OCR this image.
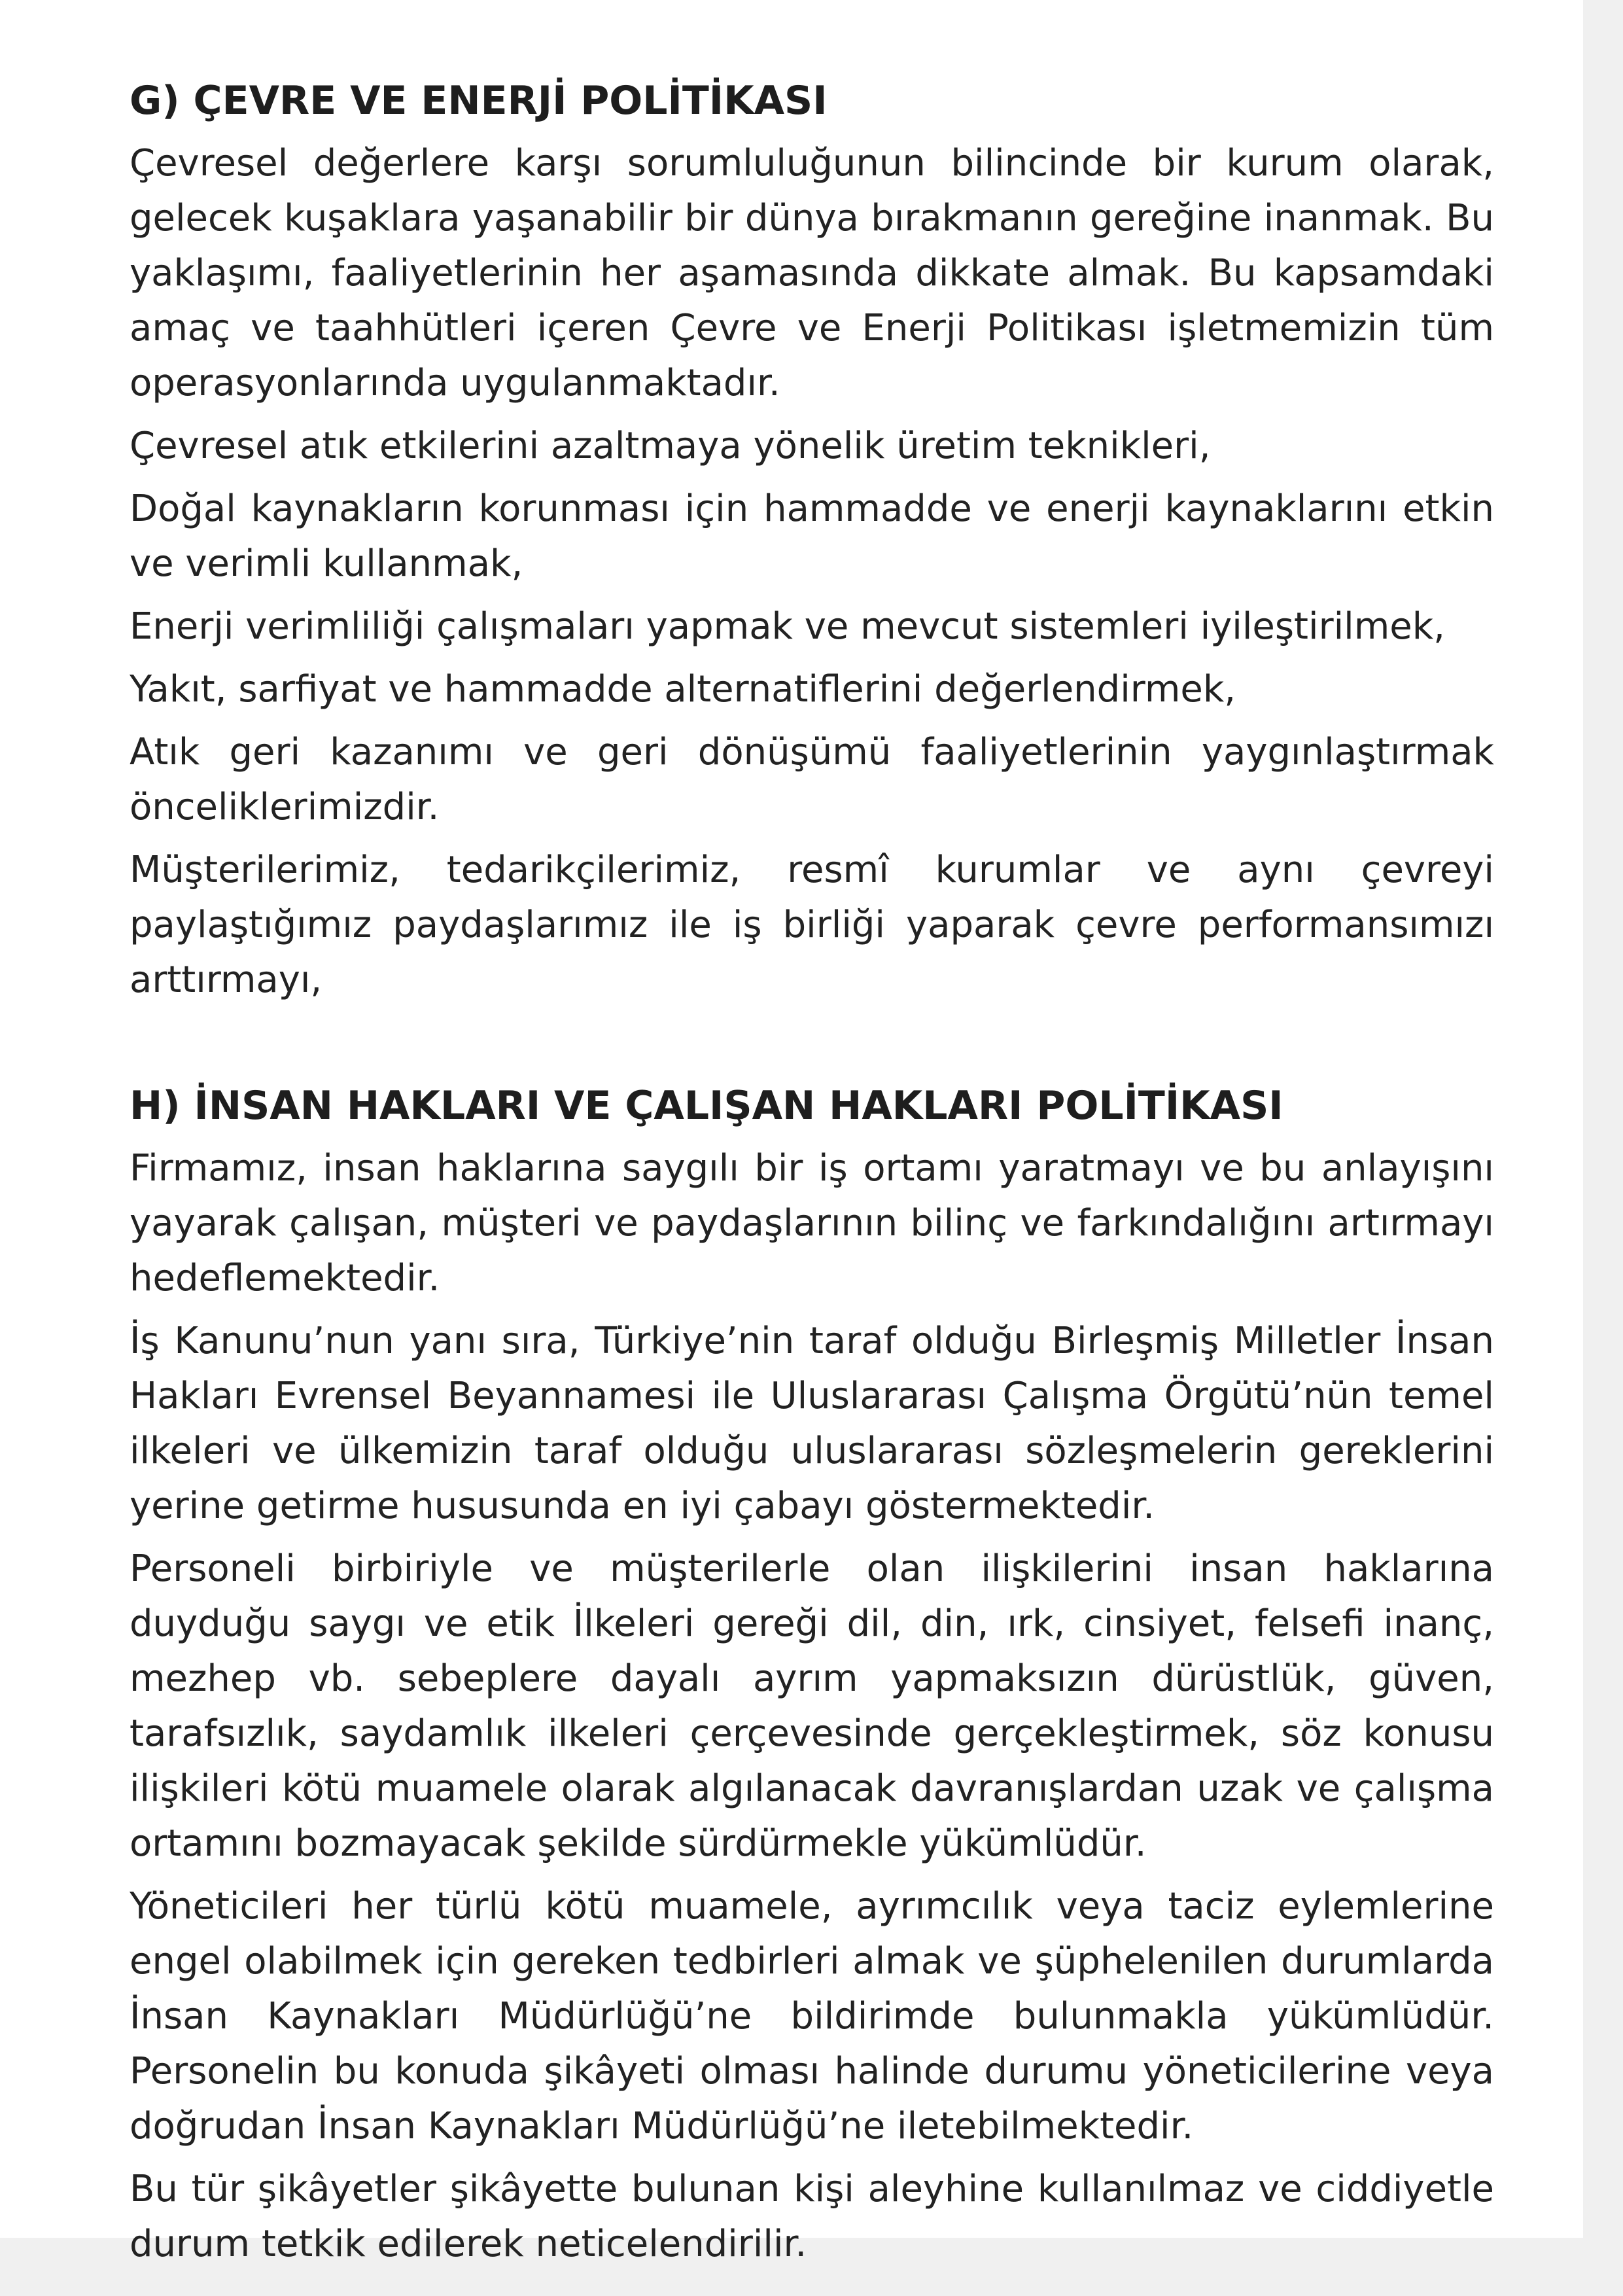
G) ÇEVRE VE ENERJİ POLİTİKASI

Çevresel değerlere karşı sorumluluğunun bilincinde bir kurum olarak, gelecek kuşaklara yaşanabilir bir dünya bırakmanın gereğine inanmak. Bu yaklaşımı, faaliyetlerinin her aşamasında dikkate almak. Bu kapsamdaki amaç ve taahhütleri içeren Çevre ve Enerji Politikası işletmemizin tüm operasyonlarında uygulanmaktadır.

Çevresel atık etkilerini azaltmaya yönelik üretim teknikleri,

Doğal kaynakların korunması için hammadde ve enerji kaynaklarını etkin ve verimli kullanmak,

Enerji verimliliği çalışmaları yapmak ve mevcut sistemleri iyileştirilmek,

Yakıt, sarfiyat ve hammadde alternatiflerini değerlendirmek,

Atık geri kazanımı ve geri dönüşümü faaliyetlerinin yaygınlaştırmak önceliklerimizdir.

Müşterilerimiz, tedarikçilerimiz, resmî kurumlar ve aynı çevreyi paylaştığımız paydaşlarımız ile iş birliği yaparak çevre performansımızı arttırmayı,

H) İNSAN HAKLARI VE ÇALIŞAN HAKLARI POLİTİKASI

Firmamız, insan haklarına saygılı bir iş ortamı yaratmayı ve bu anlayışını yayarak çalışan, müşteri ve paydaşlarının bilinç ve farkındalığını artırmayı hedeflemektedir.

İş Kanunu’nun yanı sıra, Türkiye’nin taraf olduğu Birleşmiş Milletler İnsan Hakları Evrensel Beyannamesi ile Uluslararası Çalışma Örgütü’nün temel ilkeleri ve ülkemizin taraf olduğu uluslararası sözleşmelerin gereklerini yerine getirme hususunda en iyi çabayı göstermektedir.

Personeli birbiriyle ve müşterilerle olan ilişkilerini insan haklarına duyduğu saygı ve etik İlkeleri gereği dil, din, ırk, cinsiyet, felsefi inanç, mezhep vb. sebeplere dayalı ayrım yapmaksızın dürüstlük, güven, tarafsızlık, saydamlık ilkeleri çerçevesinde gerçekleştirmek, söz konusu ilişkileri kötü muamele olarak algılanacak davranışlardan uzak ve çalışma ortamını bozmayacak şekilde sürdürmekle yükümlüdür.

Yöneticileri her türlü kötü muamele, ayrımcılık veya taciz eylemlerine engel olabilmek için gereken tedbirleri almak ve şüphelenilen durumlarda İnsan Kaynakları Müdürlüğü’ne bildirimde bulunmakla yükümlüdür. Personelin bu konuda şikâyeti olması halinde durumu yöneticilerine veya doğrudan İnsan Kaynakları Müdürlüğü’ne iletebilmektedir.

Bu tür şikâyetler şikâyette bulunan kişi aleyhine kullanılmaz ve ciddiyetle durum tetkik edilerek neticelendirilir.
